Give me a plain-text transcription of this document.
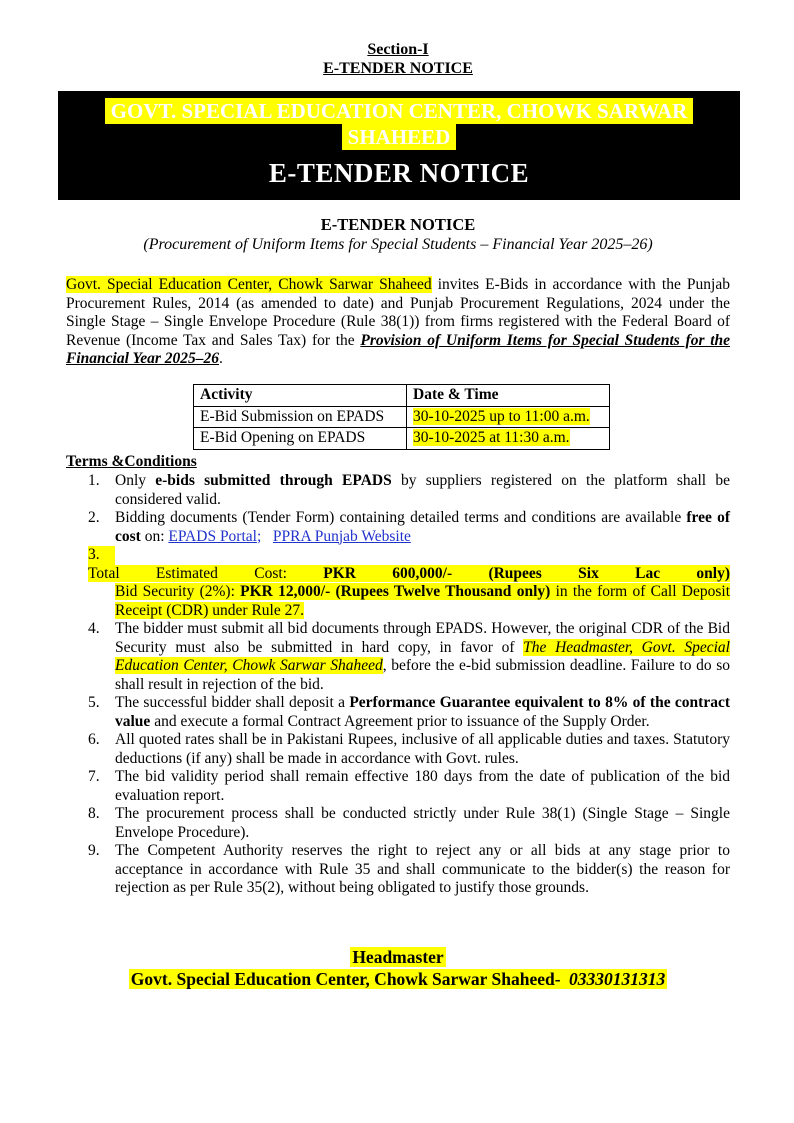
Section-I
E-TENDER NOTICE
GOVT. SPECIAL EDUCATION CENTER, CHOWK SARWAR SHAHEED
E-TENDER NOTICE
E-TENDER NOTICE
(Procurement of Uniform Items for Special Students – Financial Year 2025–26)

Govt. Special Education Center, Chowk Sarwar Shaheed invites E-Bids in accordance with the Punjab Procurement Rules, 2014 (as amended to date) and Punjab Procurement Regulations, 2024 under the Single Stage – Single Envelope Procedure (Rule 38(1)) from firms registered with the Federal Board of Revenue (Income Tax and Sales Tax) for the Provision of Uniform Items for Special Students for the Financial Year 2025–26.

Activity	Date & Time
E-Bid Submission on EPADS	30-10-2025 up to 11:00 a.m.
E-Bid Opening on EPADS	30-10-2025 at 11:30 a.m.
Terms &Conditions
1. Only e-bids submitted through EPADS by suppliers registered on the platform shall be considered valid.
2. Bidding documents (Tender Form) containing detailed terms and conditions are available free of cost on: EPADS Portal;   PPRA Punjab Website
3.
Total Estimated Cost: PKR 600,000/- (Rupees Six Lac only)
Bid Security (2%): PKR 12,000/- (Rupees Twelve Thousand only) in the form of Call Deposit Receipt (CDR) under Rule 27.
4. The bidder must submit all bid documents through EPADS. However, the original CDR of the Bid Security must also be submitted in hard copy, in favor of The Headmaster, Govt. Special Education Center, Chowk Sarwar Shaheed, before the e-bid submission deadline. Failure to do so shall result in rejection of the bid.
5. The successful bidder shall deposit a Performance Guarantee equivalent to 8% of the contract value and execute a formal Contract Agreement prior to issuance of the Supply Order.
6. All quoted rates shall be in Pakistani Rupees, inclusive of all applicable duties and taxes. Statutory deductions (if any) shall be made in accordance with Govt. rules.
7. The bid validity period shall remain effective 180 days from the date of publication of the bid evaluation report.
8. The procurement process shall be conducted strictly under Rule 38(1) (Single Stage – Single Envelope Procedure).
9. The Competent Authority reserves the right to reject any or all bids at any stage prior to acceptance in accordance with Rule 35 and shall communicate to the bidder(s) the reason for rejection as per Rule 35(2), without being obligated to justify those grounds.
Headmaster
Govt. Special Education Center, Chowk Sarwar Shaheed- 03330131313
